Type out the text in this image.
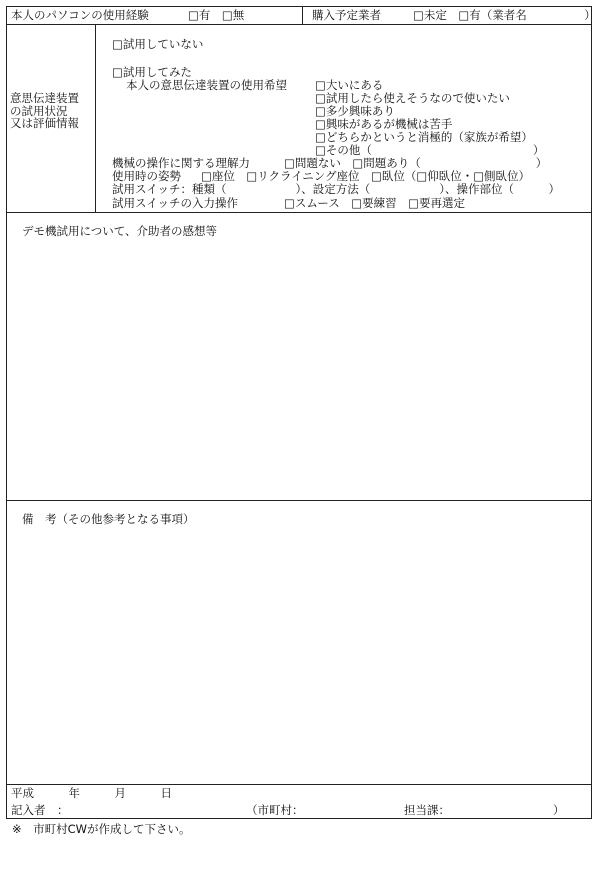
本人のパソコンの使用経験	□有　□無	購入予定業者	□未定　□有（業者名　　　　　）
意思伝達装置
の試用状況
又は評価情報
□試用していない
□試用してみた
本人の意思伝達装置の使用希望 □大いにある
□試用したら使えそうなので使いたい
□多少興味あり
□興味があるが機械は苦手
□どちらかというと消極的（家族が希望）
□その他（　　　　　　　　　　　　　　）
機械の操作に関する理解力	□問題ない　□問題あり（　　　　　　　　　　）
使用時の姿勢 □座位　□リクライニング座位　□臥位（□仰臥位・□側臥位）
試用スイッチ：種類（　　　　　　）、設定方法（　　　　　　）、操作部位（　　　）
試用スイッチの入力操作	□スムース　□要練習　□要再選定
デモ機試用について、介助者の感想等
備　考（その他参考となる事項）
平成　　　年　　　月　　　日
記入者　：	（市町村：	担当課：	）
※　市町村CWが作成して下さい。
